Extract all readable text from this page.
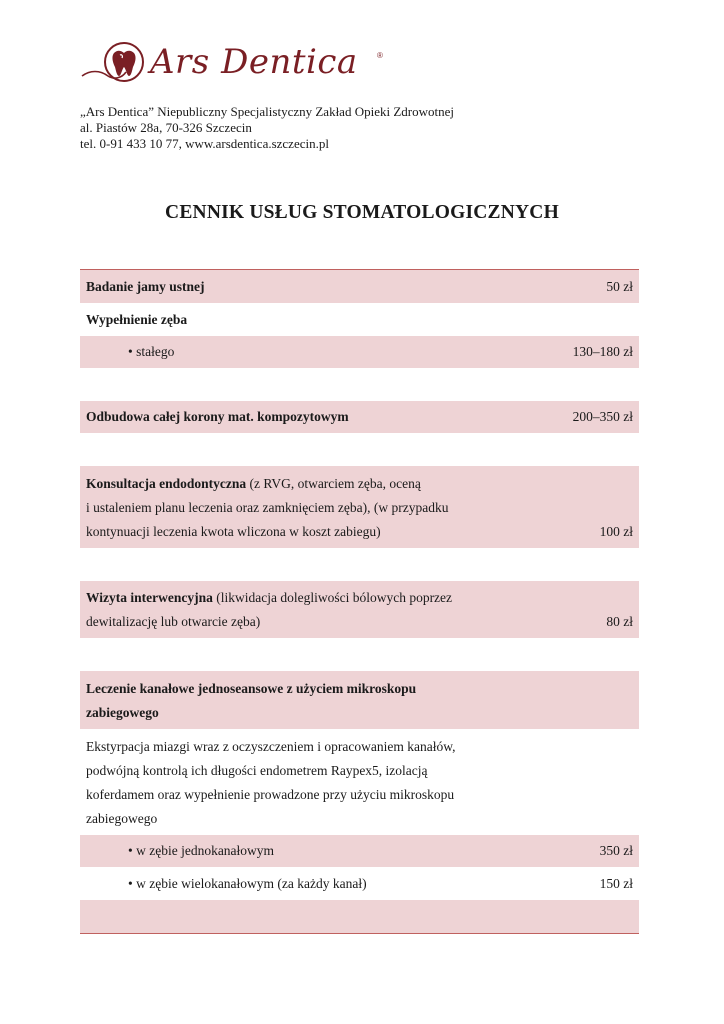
Ars Dentica ®
„Ars Dentica” Niepubliczny Specjalistyczny Zakład Opieki Zdrowotnej
al. Piastów 28a, 70-326 Szczecin
tel. 0-91 433 10 77, www.arsdentica.szczecin.pl
CENNIK USŁUG STOMATOLOGICZNYCH
Badanie jamy ustnej	50 zł
Wypełnienie zęba
• stałego	130–180 zł
Odbudowa całej korony mat. kompozytowym	200–350 zł
Konsultacja endodontyczna (z RVG, otwarciem zęba, oceną
i ustaleniem planu leczenia oraz zamknięciem zęba), (w przypadku
kontynuacji leczenia kwota wliczona w koszt zabiegu)	100 zł
Wizyta interwencyjna (likwidacja dolegliwości bólowych poprzez
dewitalizację lub otwarcie zęba)	80 zł
Leczenie kanałowe jednoseansowe z użyciem mikroskopu
zabiegowego
Ekstyrpacja miazgi wraz z oczyszczeniem i opracowaniem kanałów,
podwójną kontrolą ich długości endometrem Raypex5, izolacją
koferdamem oraz wypełnienie prowadzone przy użyciu mikroskopu
zabiegowego
• w zębie jednokanałowym	350 zł
• w zębie wielokanałowym (za każdy kanał)	150 zł
